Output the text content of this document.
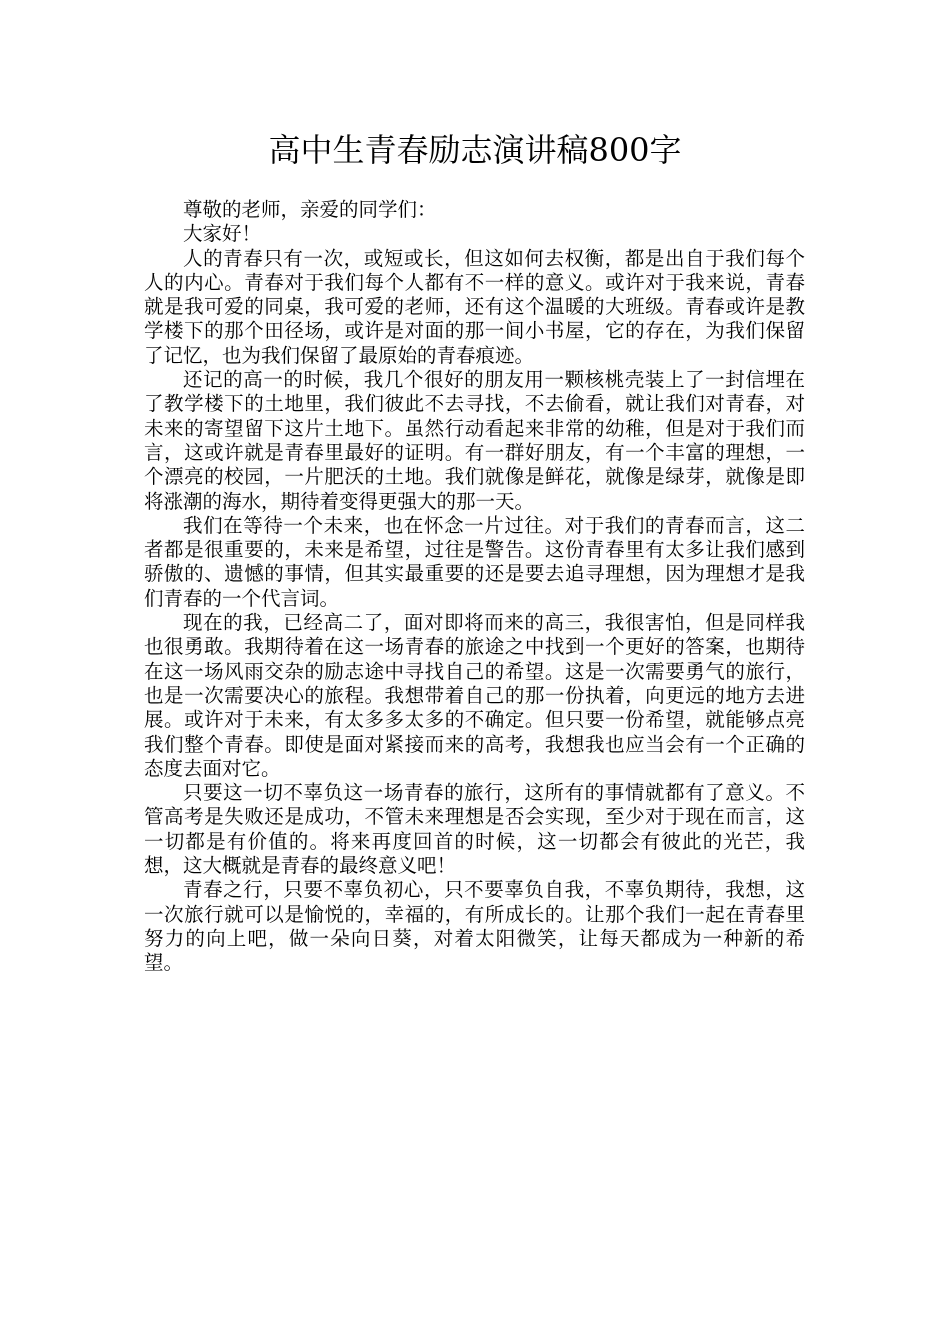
高中生青春励志演讲稿800字

尊敬的老师，亲爱的同学们：

大家好！

人的青春只有一次，或短或长，但这如何去权衡，都是出自于我们每个人的内心。青春对于我们每个人都有不一样的意义。或许对于我来说，青春就是我可爱的同桌，我可爱的老师，还有这个温暖的大班级。青春或许是教学楼下的那个田径场，或许是对面的那一间小书屋，它的存在，为我们保留了记忆，也为我们保留了最原始的青春痕迹。

还记的高一的时候，我几个很好的朋友用一颗核桃壳装上了一封信埋在了教学楼下的土地里，我们彼此不去寻找，不去偷看，就让我们对青春，对未来的寄望留下这片土地下。虽然行动看起来非常的幼稚，但是对于我们而言，这或许就是青春里最好的证明。有一群好朋友，有一个丰富的理想，一个漂亮的校园，一片肥沃的土地。我们就像是鲜花，就像是绿芽，就像是即将涨潮的海水，期待着变得更强大的那一天。

我们在等待一个未来，也在怀念一片过往。对于我们的青春而言，这二者都是很重要的，未来是希望，过往是警告。这份青春里有太多让我们感到骄傲的、遗憾的事情，但其实最重要的还是要去追寻理想，因为理想才是我们青春的一个代言词。

现在的我，已经高二了，面对即将而来的高三，我很害怕，但是同样我也很勇敢。我期待着在这一场青春的旅途之中找到一个更好的答案，也期待在这一场风雨交杂的励志途中寻找自己的希望。这是一次需要勇气的旅行，也是一次需要决心的旅程。我想带着自己的那一份执着，向更远的地方去进展。或许对于未来，有太多多太多的不确定。但只要一份希望，就能够点亮我们整个青春。即使是面对紧接而来的高考，我想我也应当会有一个正确的态度去面对它。

只要这一切不辜负这一场青春的旅行，这所有的事情就都有了意义。不管高考是失败还是成功，不管未来理想是否会实现，至少对于现在而言，这一切都是有价值的。将来再度回首的时候，这一切都会有彼此的光芒，我想，这大概就是青春的最终意义吧！

青春之行，只要不辜负初心，只不要辜负自我，不辜负期待，我想，这一次旅行就可以是愉悦的，幸福的，有所成长的。让那个我们一起在青春里努力的向上吧，做一朵向日葵，对着太阳微笑，让每天都成为一种新的希望。
